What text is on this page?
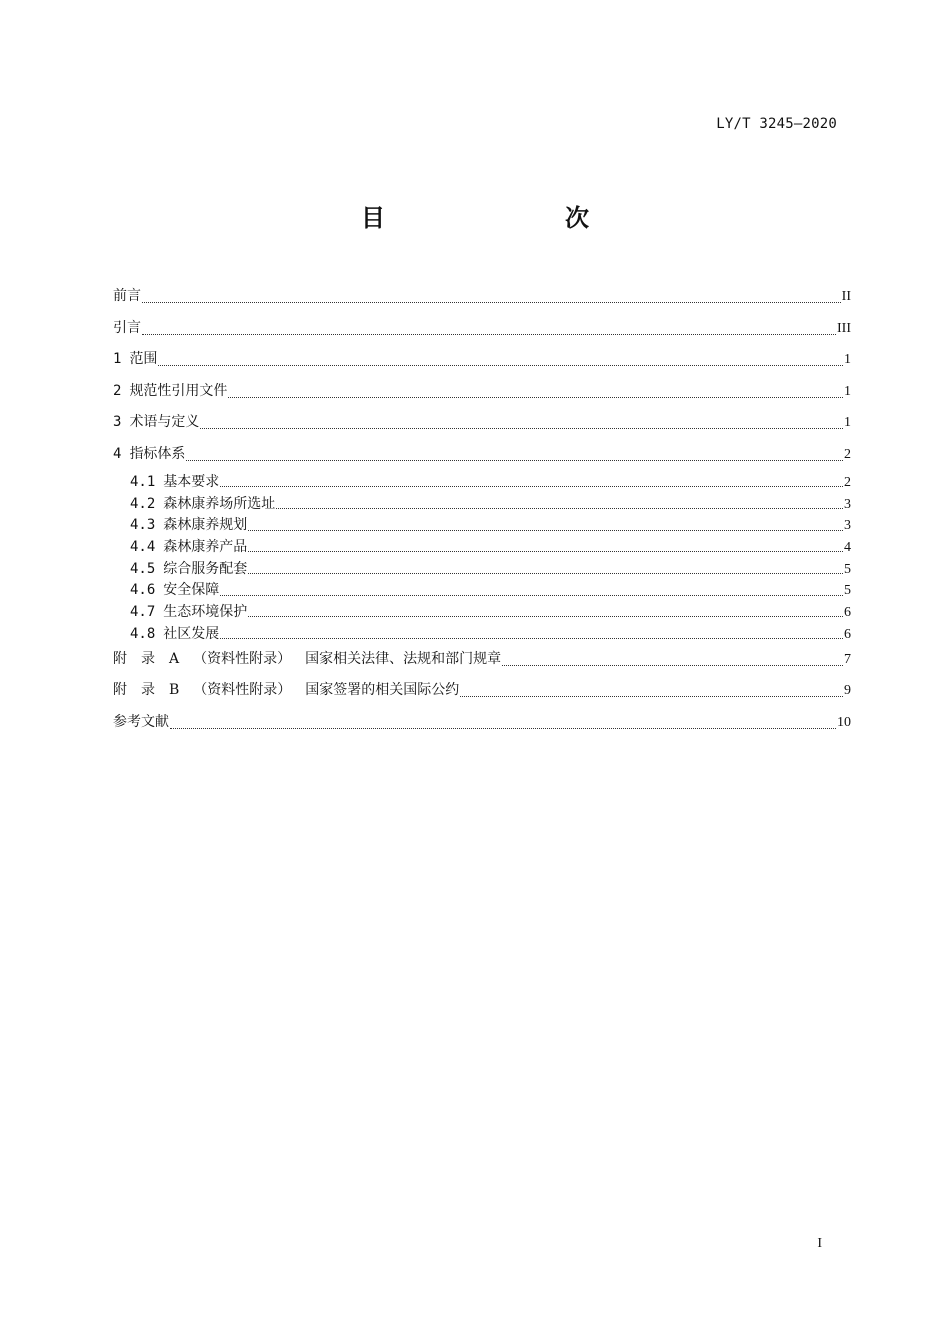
LY/T 3245—2020
目　　次
前言	II
引言	III
1 范围	1
2 规范性引用文件	1
3 术语与定义	1
4 指标体系	2
4.1 基本要求	2
4.2 森林康养场所选址	3
4.3 森林康养规划	3
4.4 森林康养产品	4
4.5 综合服务配套	5
4.6 安全保障	5
4.7 生态环境保护	6
4.8 社区发展	6
附　录　A （资料性附录） 国家相关法律、法规和部门规章	7
附　录　B （资料性附录） 国家签署的相关国际公约	9
参考文献	10
I
